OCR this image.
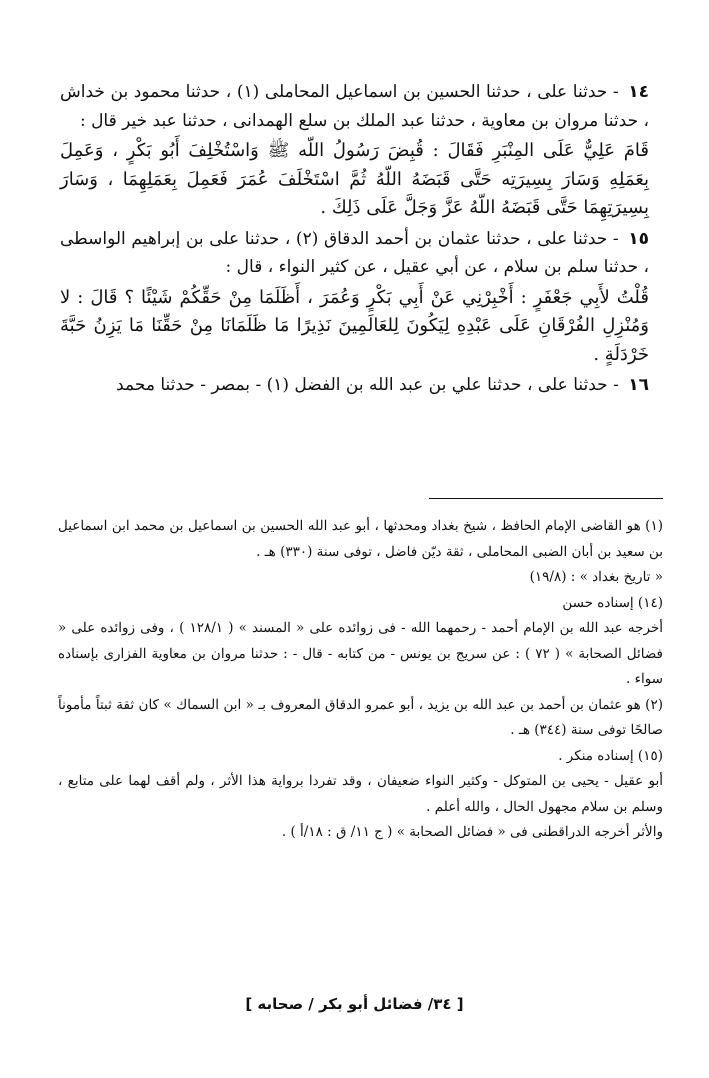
١٤ - حدثنا على ، حدثنا الحسين بن اسماعيل المحاملى (١) ، حدثنا محمود بن خداش ، حدثنا مروان بن معاوية ، حدثنا عبد الملك بن سلع الهمدانى ، حدثنا عبد خير قال :

قَامَ عَلِيٌّ عَلَى المِنْبَرِ فَقَالَ : قُبِضَ رَسُولُ اللّه ﷺ وَاسْتُخْلِفَ أَبُو بَكْرٍ ، وَعَمِلَ بِعَمَلِهِ وَسَارَ بِسِيرَتِه حَتَّى قَبَضَهُ اللّهُ ثُمَّ اسْتَخْلَفَ عُمَرَ فَعَمِلَ بِعَمَلِهِمَا ، وَسَارَ بِسِيرَتِهِمَا حَتَّى قَبَضَهُ اللّهُ عَزَّ وَجَلَّ عَلَى ذَلِكَ .

١٥ - حدثنا على ، حدثنا عثمان بن أحمد الدقاق (٢) ، حدثنا على بن إبراهيم الواسطى ، حدثنا سلم بن سلام ، عن أبي عقيل ، عن كثير النواء ، قال :

قُلْتُ لأَبِي جَعْفَرٍ : أَخْبِرْنِي عَنْ أَبِي بَكْرٍ وَعُمَرَ ، أَظَلَمَا مِنْ حَقِّكُمْ شَيْئًا ؟ قَالَ : لا وَمُنْزِلِ الفُرْقَانِ عَلَى عَبْدِهِ لِيَكُونَ لِلعَالَمِينَ نَذِيرًا مَا ظَلَمَانَا مِنْ حَقِّنَا مَا يَزِنُ حَبَّةَ خَرْدَلَةٍ .

١٦ - حدثنا على ، حدثنا علي بن عبد الله بن الفضل (١) - بمصر - حدثنا محمد

(١) هو القاضى الإمام الحافظ ، شيخ بغداد ومحدثها ، أبو عبد الله الحسين بن اسماعيل بن محمد ابن اسماعيل بن سعيد بن أبان الضبى المحاملى ، ثقة ديّن فاضل ، توفى سنة (٣٣٠) هـ .

« تاريخ بغداد » : (١٩/٨)

(١٤) إسناده حسن

أخرجه عبد الله بن الإمام أحمد - رحمهما الله - فى زوائده على « المسند » ( ١٢٨/١ ) ، وفى زوائده على « فضائل الصحابة » ( ٧٢ ) : عن سريج بن يونس - من كتابه - قال - : حدثنا مروان بن معاوية الفزارى بإسناده سواء .

(٢) هو عثمان بن أحمد بن عبد الله بن يزيد ، أبو عمرو الدقاق المعروف بـ « ابن السماك » كان ثقة ثبتاً مأموناً صالحًا توفى سنة (٣٤٤) هـ .

(١٥) إسناده منكر .

أبو عقيل - يحيى بن المتوكل - وكثير النواء ضعيفان ، وقد تفردا برواية هذا الأثر ، ولم أقف لهما على متابع ، وسلم بن سلام مجهول الحال ، والله أعلم .

والأثر أخرجه الدراقطنى فى « فضائل الصحابة » ( ج ١١/ ق : ١٨/أ ) .

[ ٣٤/ فضائل أبو بكر / صحابه ]
